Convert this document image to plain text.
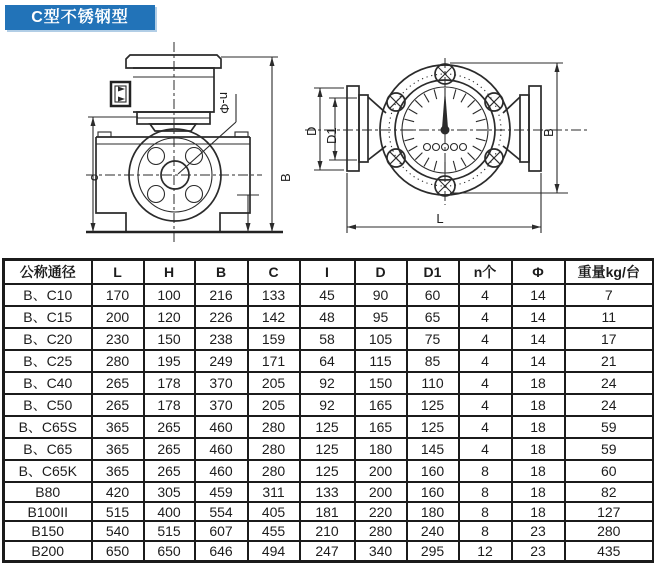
C型不锈钢型
n-Φ
c	B
D D1	B
L
公称通径	L	H	B	C	I	D	D1	n个	Φ	重量kg/台
B、C10	170	100	216	133	45	90	60	4	14	7
B、C15	200	120	226	142	48	95	65	4	14	11
B、C20	230	150	238	159	58	105	75	4	14	17
B、C25	280	195	249	171	64	115	85	4	14	21
B、C40	265	178	370	205	92	150	110	4	18	24
B、C50	265	178	370	205	92	165	125	4	18	24
B、C65S	365	265	460	280	125	165	125	4	18	59
B、C65	365	265	460	280	125	180	145	4	18	59
B、C65K	365	265	460	280	125	200	160	8	18	60
B80	420	305	459	311	133	200	160	8	18	82
B100II	515	400	554	405	181	220	180	8	18	127
B150	540	515	607	455	210	280	240	8	23	280
B200	650	650	646	494	247	340	295	12	23	435
